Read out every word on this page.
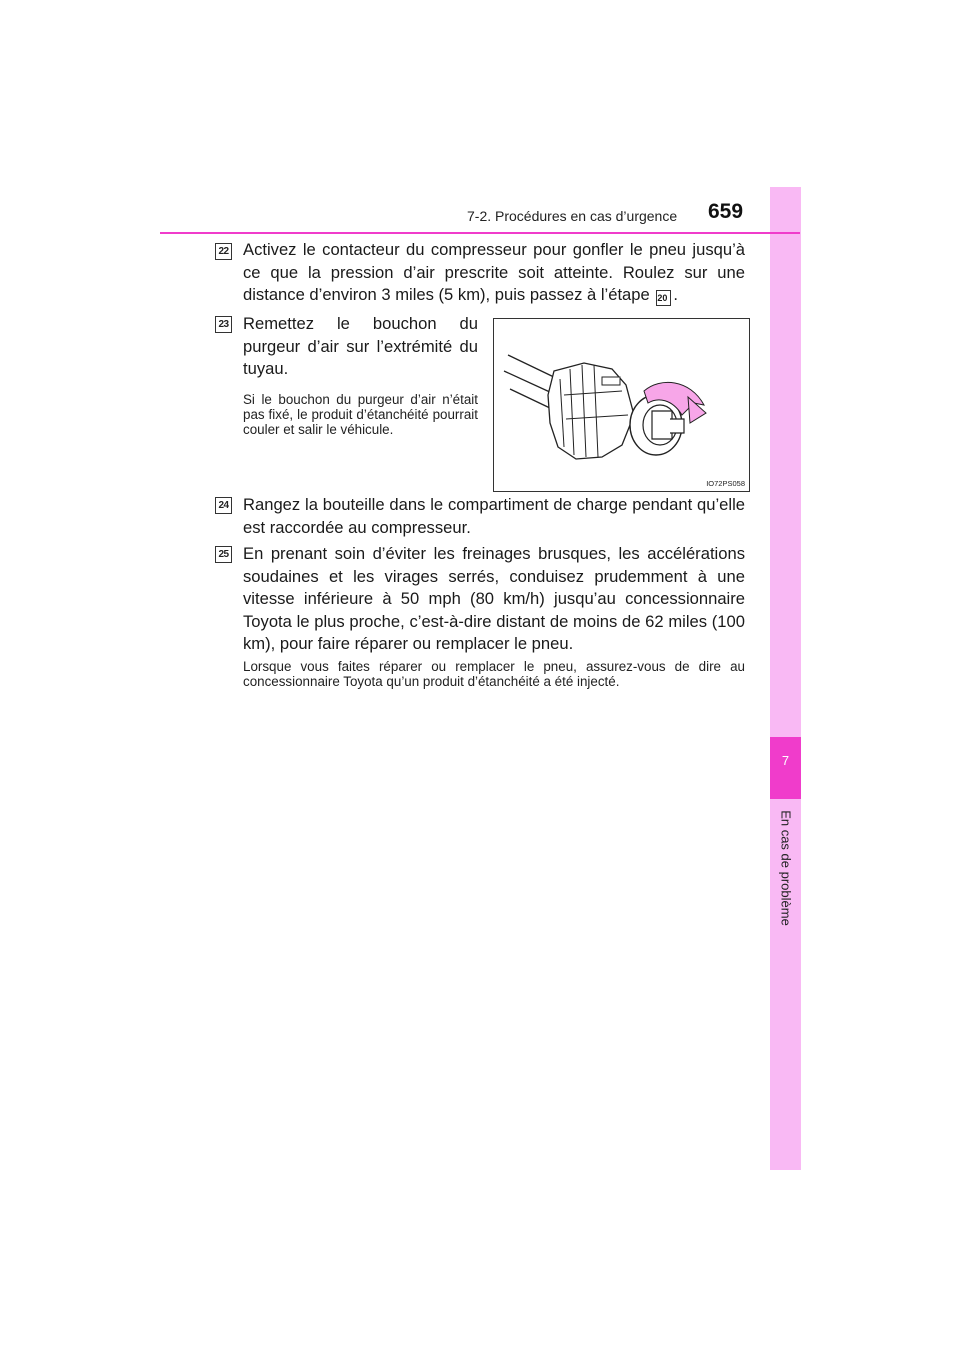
7
En cas de problème
7-2. Procédures en cas d’urgence 659
22 Activez le contacteur du compresseur pour gonfler le pneu jusqu’à ce que la pression d’air prescrite soit atteinte. Roulez sur une distance d’environ 3 miles (5 km), puis passez à l’étape 20 .
23 Remettez le bouchon du purgeur d’air sur l’extrémité du tuyau.
Si le bouchon du purgeur d’air n’était pas fixé, le produit d’étanchéité pourrait couler et salir le véhicule.
IO72PS058
24 Rangez la bouteille dans le compartiment de charge pendant qu’elle est raccordée au compresseur.
25 En prenant soin d’éviter les freinages brusques, les accélérations soudaines et les virages serrés, conduisez prudemment à une vitesse inférieure à 50 mph (80 km/h) jusqu’au concessionnaire Toyota le plus proche, c’est-à-dire distant de moins de 62 miles (100 km), pour faire réparer ou remplacer le pneu.
Lorsque vous faites réparer ou remplacer le pneu, assurez-vous de dire au concessionnaire Toyota qu’un produit d’étanchéité a été injecté.
